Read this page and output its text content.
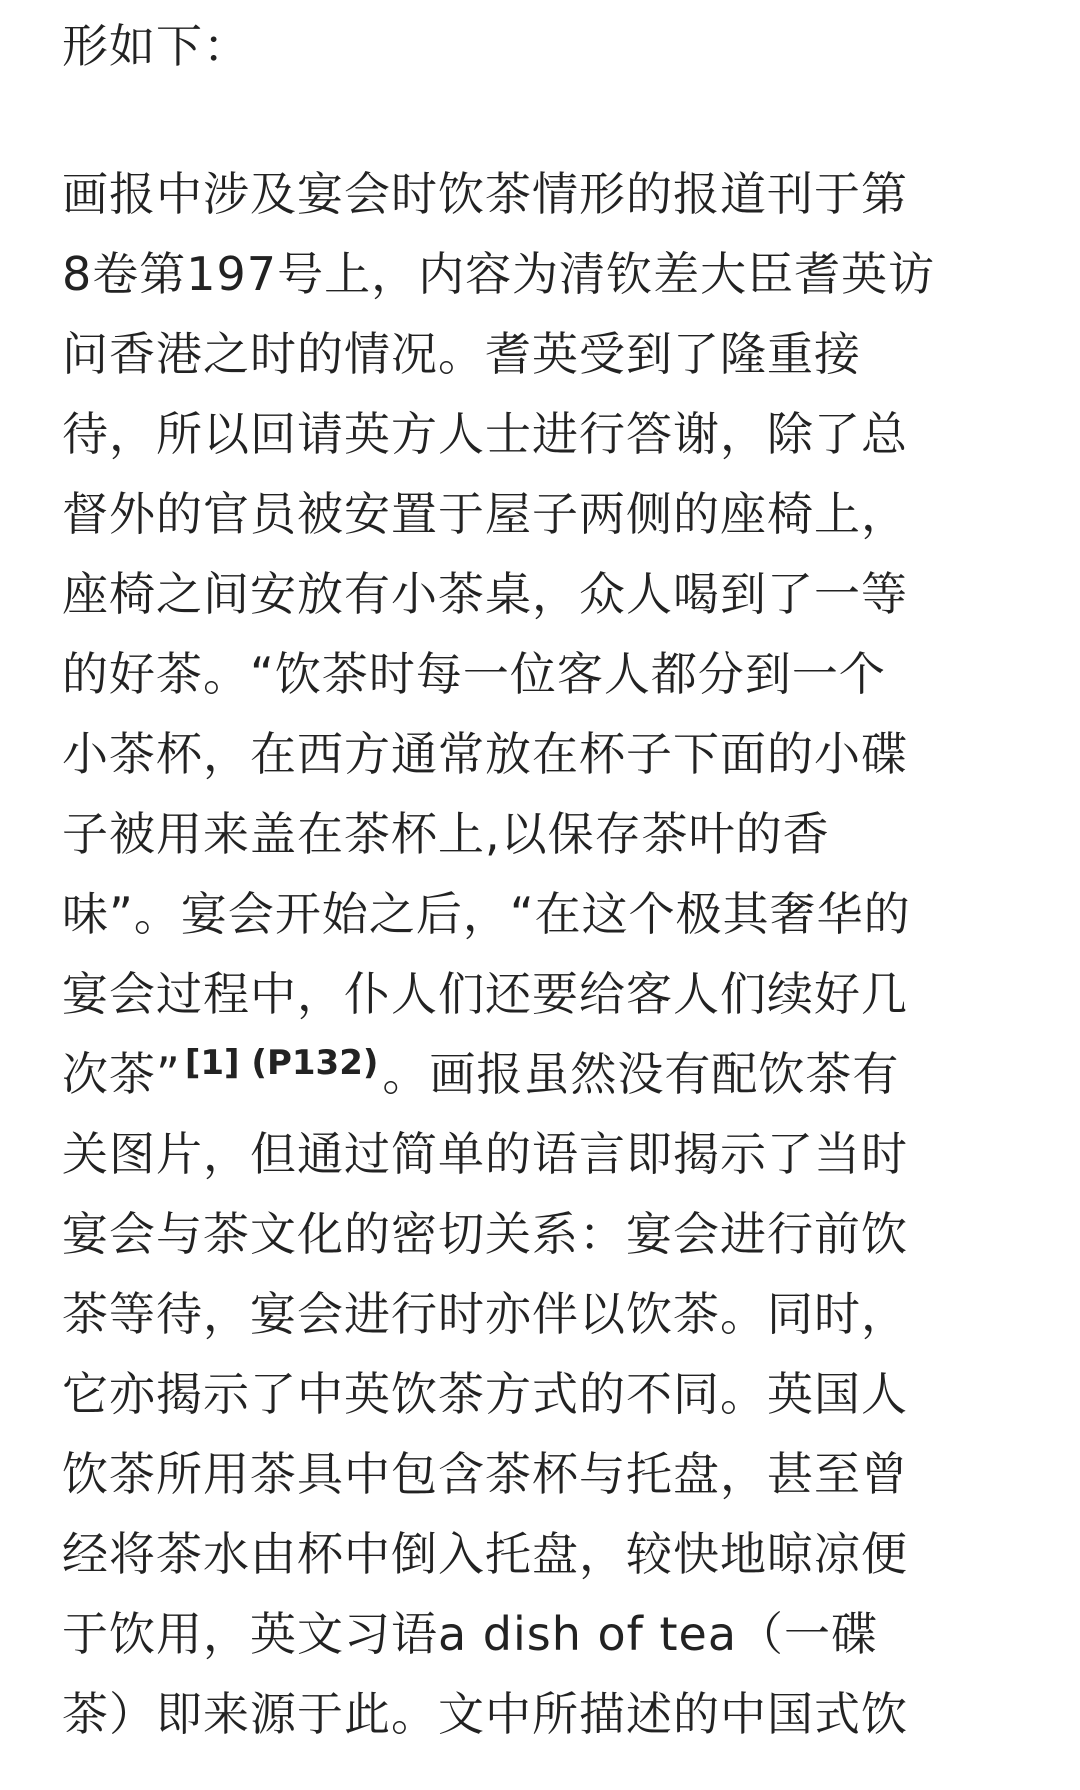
形如下：
画报中涉及宴会时饮茶情形的报道刊于第
8卷第197号上，内容为清钦差大臣耆英访
问香港之时的情况。耆英受到了隆重接
待，所以回请英方人士进行答谢，除了总
督外的官员被安置于屋子两侧的座椅上，
座椅之间安放有小茶桌，众人喝到了一等
的好茶。“饮茶时每一位客人都分到一个
小茶杯，在西方通常放在杯子下面的小碟
子被用来盖在茶杯上,以保存茶叶的香
味”。宴会开始之后，“在这个极其奢华的
宴会过程中，仆人们还要给客人们续好几
次茶” $^{[1] (P132)}$。画报虽然没有配饮茶有
关图片，但通过简单的语言即揭示了当时
宴会与茶文化的密切关系：宴会进行前饮
茶等待，宴会进行时亦伴以饮茶。同时，
它亦揭示了中英饮茶方式的不同。英国人
饮茶所用茶具中包含茶杯与托盘，甚至曾
经将茶水由杯中倒入托盘，较快地晾凉便
于饮用，英文习语a dish of tea（一碟
茶）即来源于此。文中所描述的中国式饮
